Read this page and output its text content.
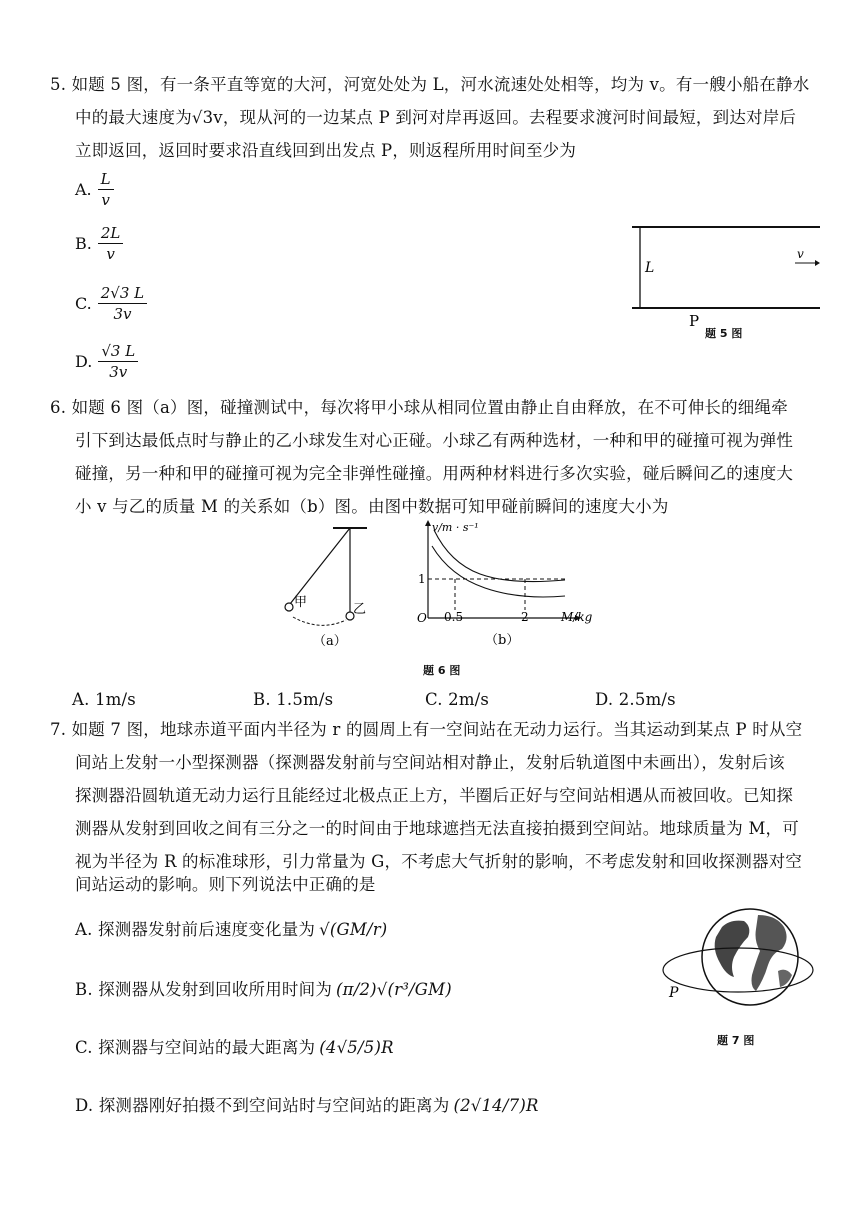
5. 如题 5 图，有一条平直等宽的大河，河宽处处为 L，河水流速处处相等，均为 v。有一艘小船在静水
中的最大速度为√3v，现从河的一边某点 P 到河对岸再返回。去程要求渡河时间最短，到达对岸后
立即返回，返回时要求沿直线回到出发点 P，则返程所用时间至少为
A. $\frac{L}{v}$
B. $\frac{2L}{v}$
C. $\frac{2√3 L}{3v}$
D. $\frac{√3 L}{3v}$
L
v
P
题 5 图
6. 如题 6 图（a）图，碰撞测试中，每次将甲小球从相同位置由静止自由释放，在不可伸长的细绳牵
引下到达最低点时与静止的乙小球发生对心正碰。小球乙有两种选材，一种和甲的碰撞可视为弹性
碰撞，另一种和甲的碰撞可视为完全非弹性碰撞。用两种材料进行多次实验，碰后瞬间乙的速度大
小 v 与乙的质量 M 的关系如（b）图。由图中数据可知甲碰前瞬间的速度大小为
甲	乙
（a）
v/m · s⁻¹
M/kg
O
1
0.5	2
（b）
题 6 图
A. 1m/s	B. 1.5m/s	C. 2m/s	D. 2.5m/s
7. 如题 7 图，地球赤道平面内半径为 r 的圆周上有一空间站在无动力运行。当其运动到某点 P 时从空
间站上发射一小型探测器（探测器发射前与空间站相对静止，发射后轨道图中未画出），发射后该
探测器沿圆轨道无动力运行且能经过北极点正上方，半圈后正好与空间站相遇从而被回收。已知探
测器从发射到回收之间有三分之一的时间由于地球遮挡无法直接拍摄到空间站。地球质量为 M，可
视为半径为 R 的标准球形，引力常量为 G，不考虑大气折射的影响，不考虑发射和回收探测器对空
间站运动的影响。则下列说法中正确的是
A. 探测器发射前后速度变化量为 √(GM/r)
B. 探测器从发射到回收所用时间为 (π/2)√(r³/GM)
C. 探测器与空间站的最大距离为 (4√5/5)R
D. 探测器刚好拍摄不到空间站时与空间站的距离为 (2√14/7)R
P
题 7 图
